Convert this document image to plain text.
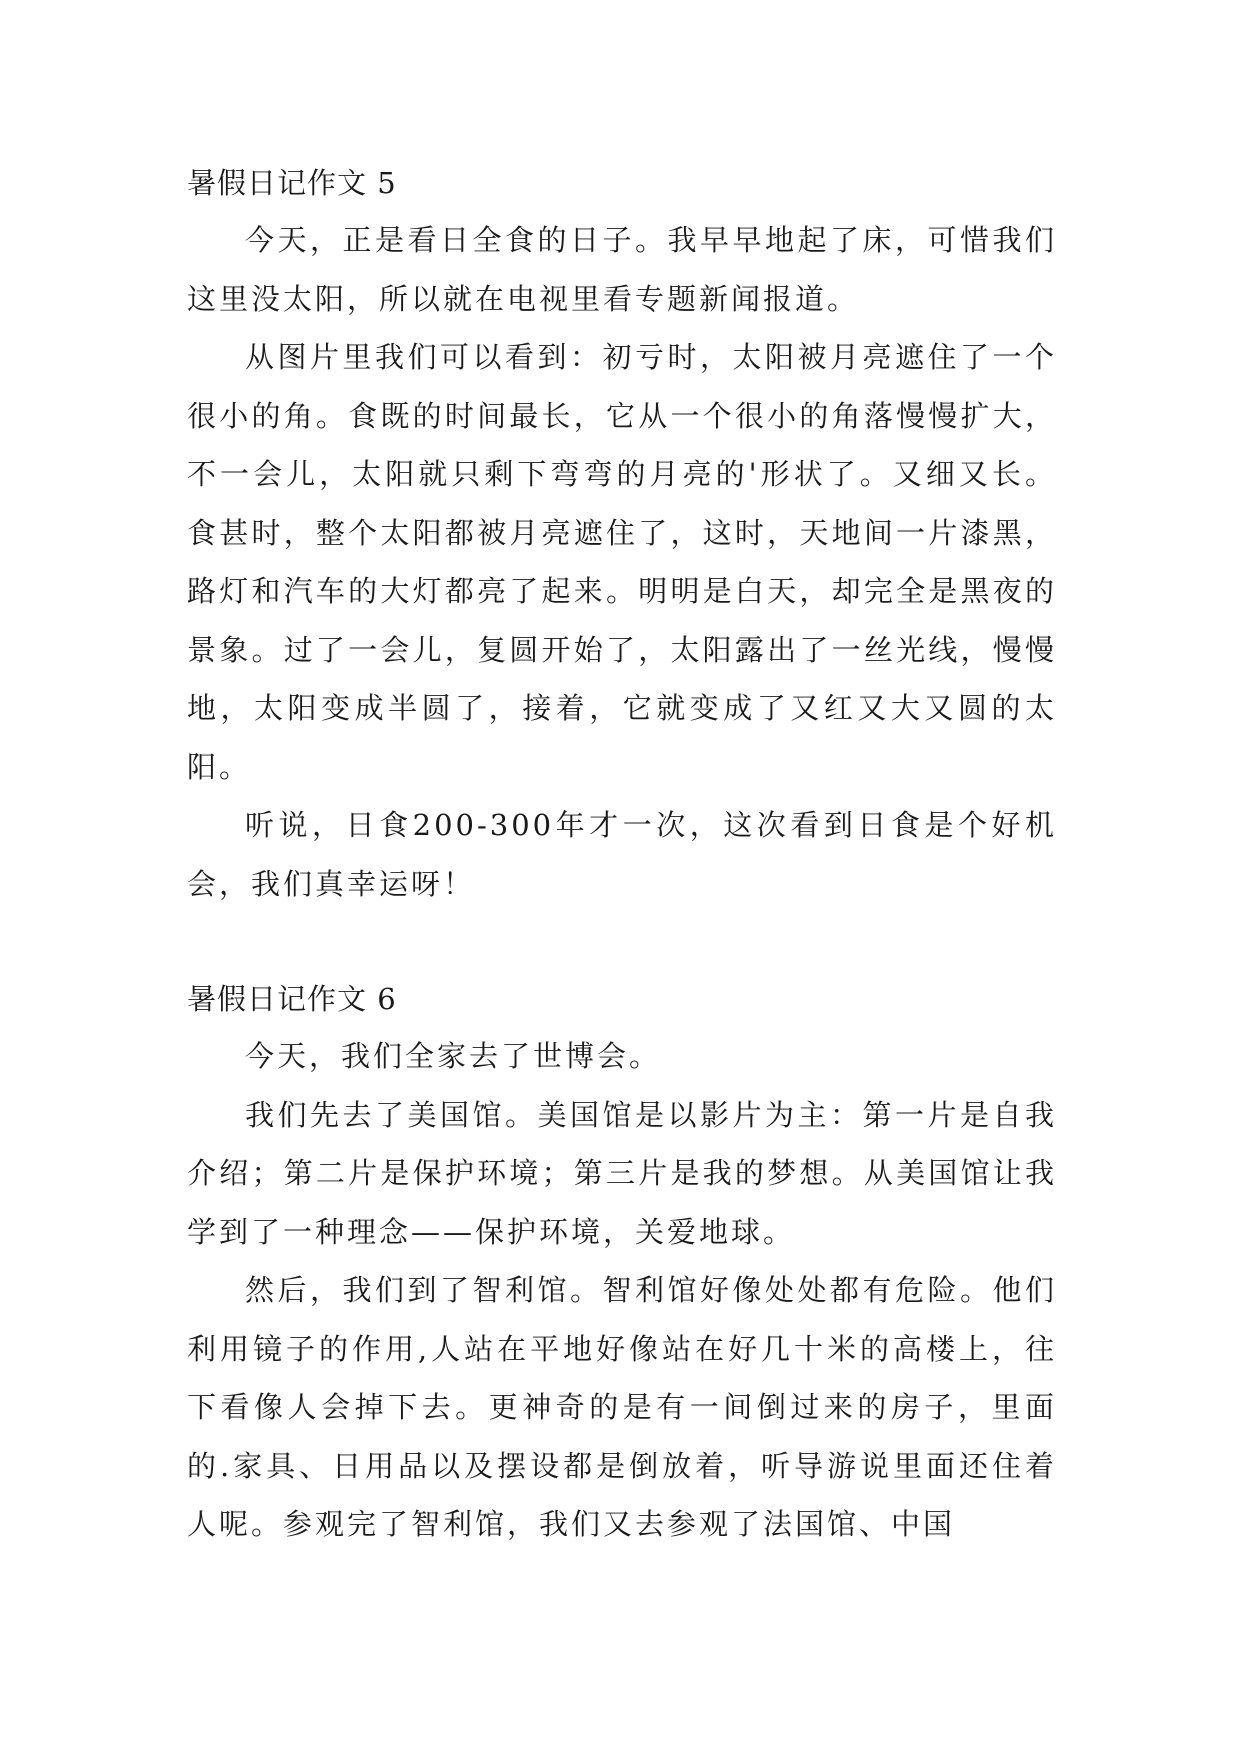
暑假日记作文 5

今天，正是看日全食的日子。我早早地起了床，可惜我们这里没太阳，所以就在电视里看专题新闻报道。

从图片里我们可以看到：初亏时，太阳被月亮遮住了一个很小的角。食既的时间最长，它从一个很小的角落慢慢扩大，不一会儿，太阳就只剩下弯弯的月亮的'形状了。又细又长。食甚时，整个太阳都被月亮遮住了，这时，天地间一片漆黑，路灯和汽车的大灯都亮了起来。明明是白天，却完全是黑夜的景象。过了一会儿，复圆开始了，太阳露出了一丝光线，慢慢地，太阳变成半圆了，接着，它就变成了又红又大又圆的太阳。

听说，日食200-300年才一次，这次看到日食是个好机会，我们真幸运呀！

暑假日记作文 6

今天，我们全家去了世博会。

我们先去了美国馆。美国馆是以影片为主：第一片是自我介绍；第二片是保护环境；第三片是我的梦想。从美国馆让我学到了一种理念——保护环境，关爱地球。

然后，我们到了智利馆。智利馆好像处处都有危险。他们利用镜子的作用,人站在平地好像站在好几十米的高楼上，往下看像人会掉下去。更神奇的是有一间倒过来的房子，里面的.家具、日用品以及摆设都是倒放着，听导游说里面还住着人呢。参观完了智利馆，我们又去参观了法国馆、中国
